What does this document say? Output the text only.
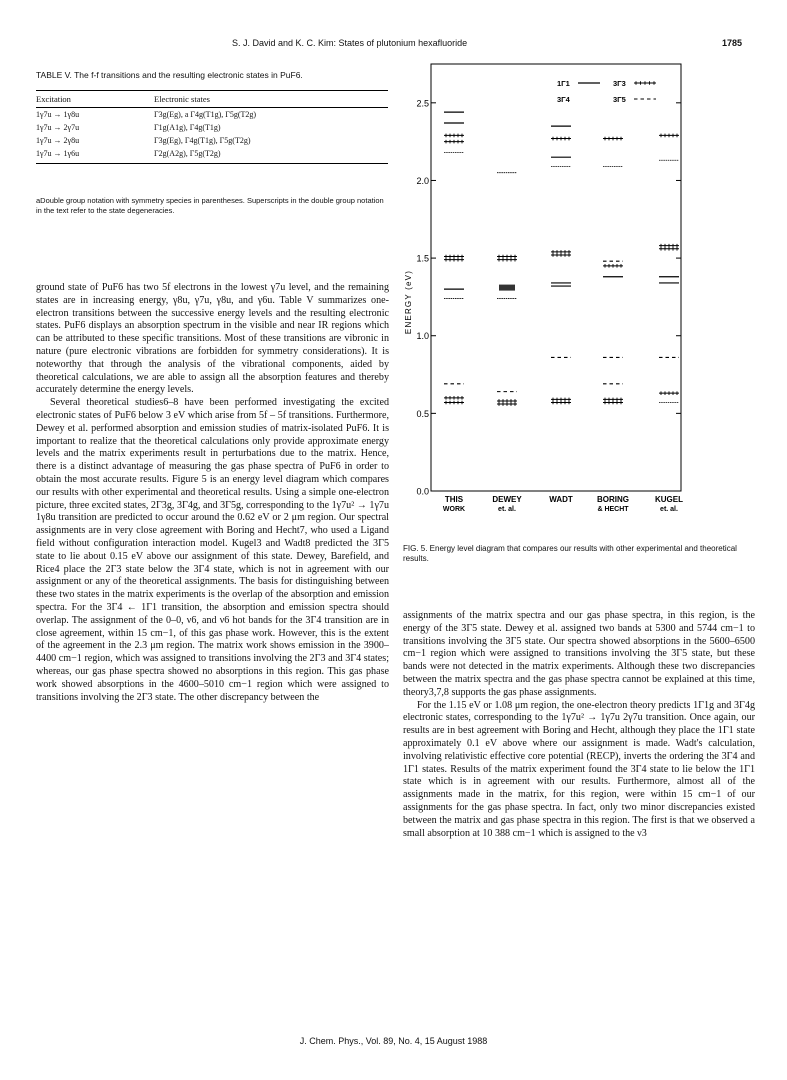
S. J. David and K. C. Kim: States of plutonium hexafluoride	1785
TABLE V. The f-f transitions and the resulting electronic states in PuF6.
Excitation	Electronic states
1γ7u → 1γ8u	Γ3g(Eg), a Γ4g(T1g), Γ5g(T2g)
1γ7u → 2γ7u	Γ1g(A1g), Γ4g(T1g)
1γ7u → 2γ8u	Γ3g(Eg), Γ4g(T1g), Γ5g(T2g)
1γ7u → 1γ6u	Γ2g(A2g), Γ5g(T2g)
aDouble group notation with symmetry species in parentheses. Superscripts in the double group notation in the text refer to the state degeneracies.

ground state of PuF6 has two 5f electrons in the lowest γ7u level, and the remaining states are in increasing energy, γ8u, γ7u, γ8u, and γ6u. Table V summarizes one-electron transitions between the successive energy levels and the resulting electronic states. PuF6 displays an absorption spectrum in the visible and near IR regions which can be attributed to these specific transitions. Most of these transitions are vibronic in nature (pure electronic vibrations are forbidden for symmetry considerations). It is noteworthy that through the analysis of the vibrational components, aided by theoretical calculations, we are able to assign all the absorption features and thereby accurately determine the energy levels.

Several theoretical studies6–8 have been performed investigating the excited electronic states of PuF6 below 3 eV which arise from 5f – 5f transitions. Furthermore, Dewey et al. performed absorption and emission studies of matrix-isolated PuF6. It is important to realize that the theoretical calculations only provide approximate energy levels and the matrix experiments result in perturbations due to the matrix. Hence, there is a distinct advantage of measuring the gas phase spectra of PuF6 in order to obtain the most accurate results. Figure 5 is an energy level diagram which compares our results with other experimental and theoretical results. Using a simple one-electron picture, three excited states, 2Γ3g, 3Γ4g, and 3Γ5g, corresponding to the 1γ7u² → 1γ7u 1γ8u transition are predicted to occur around the 0.62 eV or 2 μm region. Our spectral assignments are in very close agreement with Boring and Hecht7, who used a Ligand field without configuration interaction model. Kugel3 and Wadt8 predicted the 3Γ5 state to lie about 0.15 eV above our assignment of this state. Dewey, Barefield, and Rice4 place the 2Γ3 state below the 3Γ4 state, which is not in agreement with our assignment or any of the theoretical assignments. The basis for distinguishing between these two states in the matrix experiments is the overlap of the absorption and emission spectra. For the 3Γ4 ← 1Γ1 transition, the absorption and emission spectra should overlap. The assignment of the 0–0, ν6, and ν6 hot bands for the 3Γ4 transition are in close agreement, within 15 cm−1, of this gas phase work. However, this is the extent of the agreement in the 2.3 μm region. The matrix work shows emission in the 3900–4400 cm−1 region, which was assigned to transitions involving the 2Γ3 and 3Γ4 states; whereas, our gas phase spectra showed no absorptions in this region. This gas phase work showed absorptions in the 4600–5010 cm−1 region which were assigned to transitions involving the 2Γ3 state. The other discrepancy between the

0.0
0.5
1.0
1.5
2.0
2.5
ENERGY (eV)
THIS
WORK
DEWEY
et. al.
WADT	BORING
& HECHT
KUGEL
et. al.
1Γ1	3Γ3
3Γ4	3Γ5
FIG. 5. Energy level diagram that compares our results with other experimental and theoretical results.

assignments of the matrix spectra and our gas phase spectra, in this region, is the energy of the 3Γ5 state. Dewey et al. assigned two bands at 5300 and 5744 cm−1 to transitions involving the 3Γ5 state. Our spectra showed absorptions in the 5600–6500 cm−1 region which were assigned to transitions involving the 3Γ5 state, but these bands were not detected in the matrix experiments. Although these two discrepancies between the matrix spectra and the gas phase spectra cannot be explained at this time, theory3,7,8 supports the gas phase assignments.

For the 1.15 eV or 1.08 μm region, the one-electron theory predicts 1Γ1g and 3Γ4g electronic states, corresponding to the 1γ7u² → 1γ7u 2γ7u transition. Once again, our results are in best agreement with Boring and Hecht, although they place the 1Γ1 state approximately 0.1 eV above where our assignment is made. Wadt's calculation, involving relativistic effective core potential (RECP), inverts the ordering the 3Γ4 and 1Γ1 states. Results of the matrix experiment found the 3Γ4 state to lie below the 1Γ1 state which is in agreement with our results. Furthermore, almost all of the assignments made in the matrix, for this region, were within 15 cm−1 of our assignments for the gas phase spectra. In fact, only two minor discrepancies existed between the matrix and gas phase spectra in this region. The first is that we observed a small absorption at 10 388 cm−1 which is assigned to the ν3

J. Chem. Phys., Vol. 89, No. 4, 15 August 1988
